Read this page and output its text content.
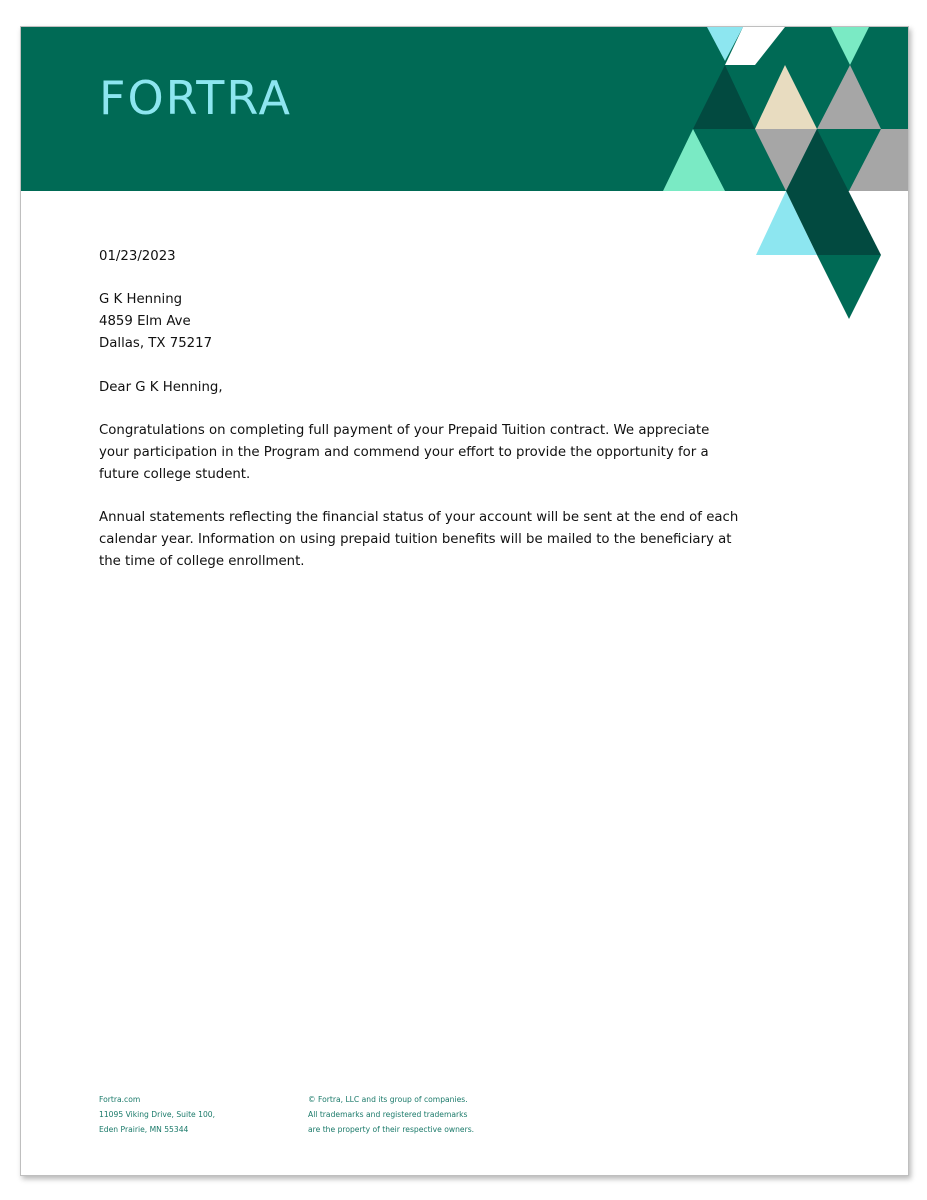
FORTRA
01/23/2023
G K Henning
4859 Elm Ave
Dallas, TX 75217
Dear G K Henning,
Congratulations on completing full payment of your Prepaid Tuition contract. We appreciate your participation in the Program and commend your effort to provide the opportunity for a future college student.
Annual statements reflecting the financial status of your account will be sent at the end of each calendar year. Information on using prepaid tuition benefits will be mailed to the beneficiary at the time of college enrollment.
Fortra.com
11095 Viking Drive, Suite 100,
Eden Prairie, MN 55344
© Fortra, LLC and its group of companies.
All trademarks and registered trademarks
are the property of their respective owners.
